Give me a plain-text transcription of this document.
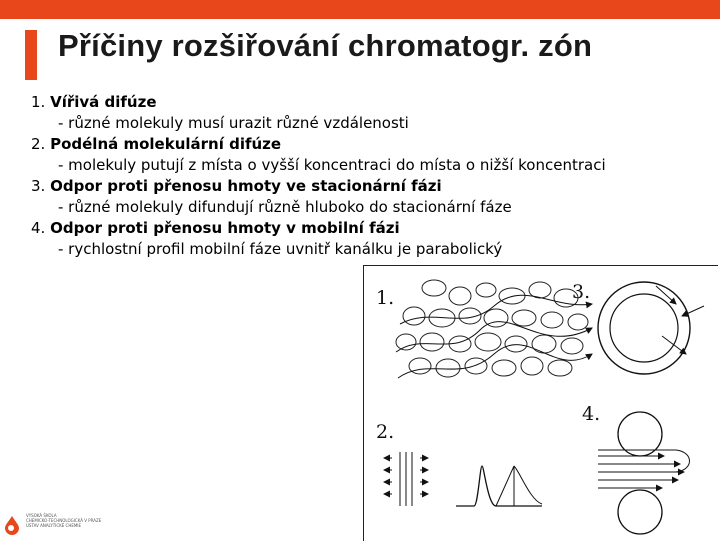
Příčiny rozšiřování chromatogr. zón
1. Vířivá difúze
- různé molekuly musí urazit různé vzdálenosti
2. Podélná molekulární difúze
- molekuly putují z místa o vyšší koncentraci do místa o nižší koncentraci
3. Odpor proti přenosu hmoty ve stacionární fázi
- různé molekuly difundují různě hluboko do stacionární fáze
4. Odpor proti přenosu hmoty v mobilní fázi
- rychlostní profil mobilní fáze uvnitř kanálku je parabolický
1.	3.
2.
4.
VYSOKÁ ŠKOLA
CHEMICKO-TECHNOLOGICKÁ V PRAZE
ÚSTAV ANALYTICKÉ CHEMIE
